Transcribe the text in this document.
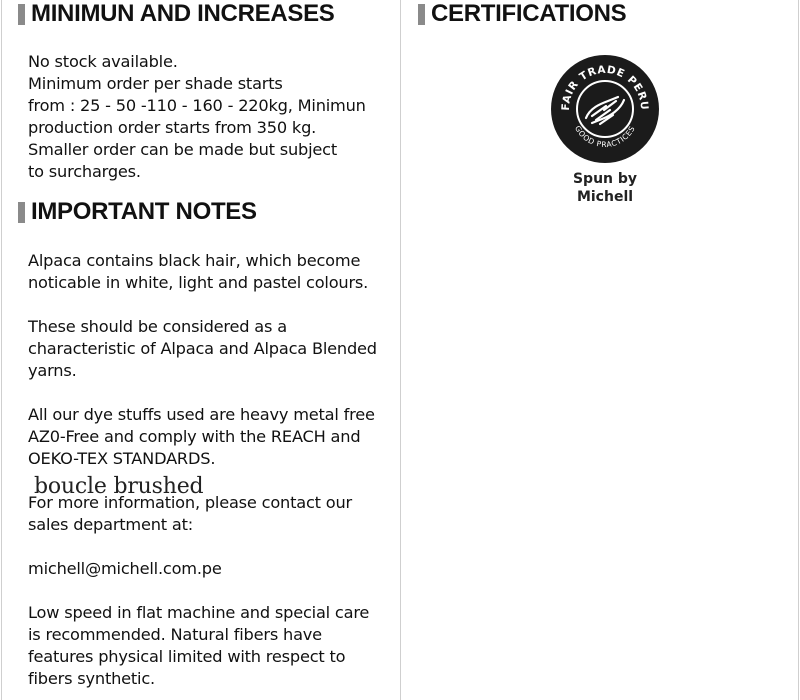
MINIMUN AND INCREASES
No stock available.
Minimum order per shade starts
from : 25 - 50 -110 - 160 - 220kg, Minimun
production order starts from 350 kg.
Smaller order can be made but subject
to surcharges.
IMPORTANT NOTES
Alpaca contains black hair, which become
noticable in white, light and pastel colours.
These should be considered as a
characteristic of Alpaca and Alpaca Blended
yarns.
All our dye stuffs used are heavy metal free
AZ0-Free and comply with the REACH and
OEKO-TEX STANDARDS.
For more information, please contact our
sales department at:
michell@michell.com.pe
Low speed in flat machine and special care
is recommended. Natural fibers have
features physical limited with respect to
fibers synthetic.
boucle brushed
CERTIFICATIONS
FAIR TRADE PERU
GOOD PRACTICES
Spun by
Michell
